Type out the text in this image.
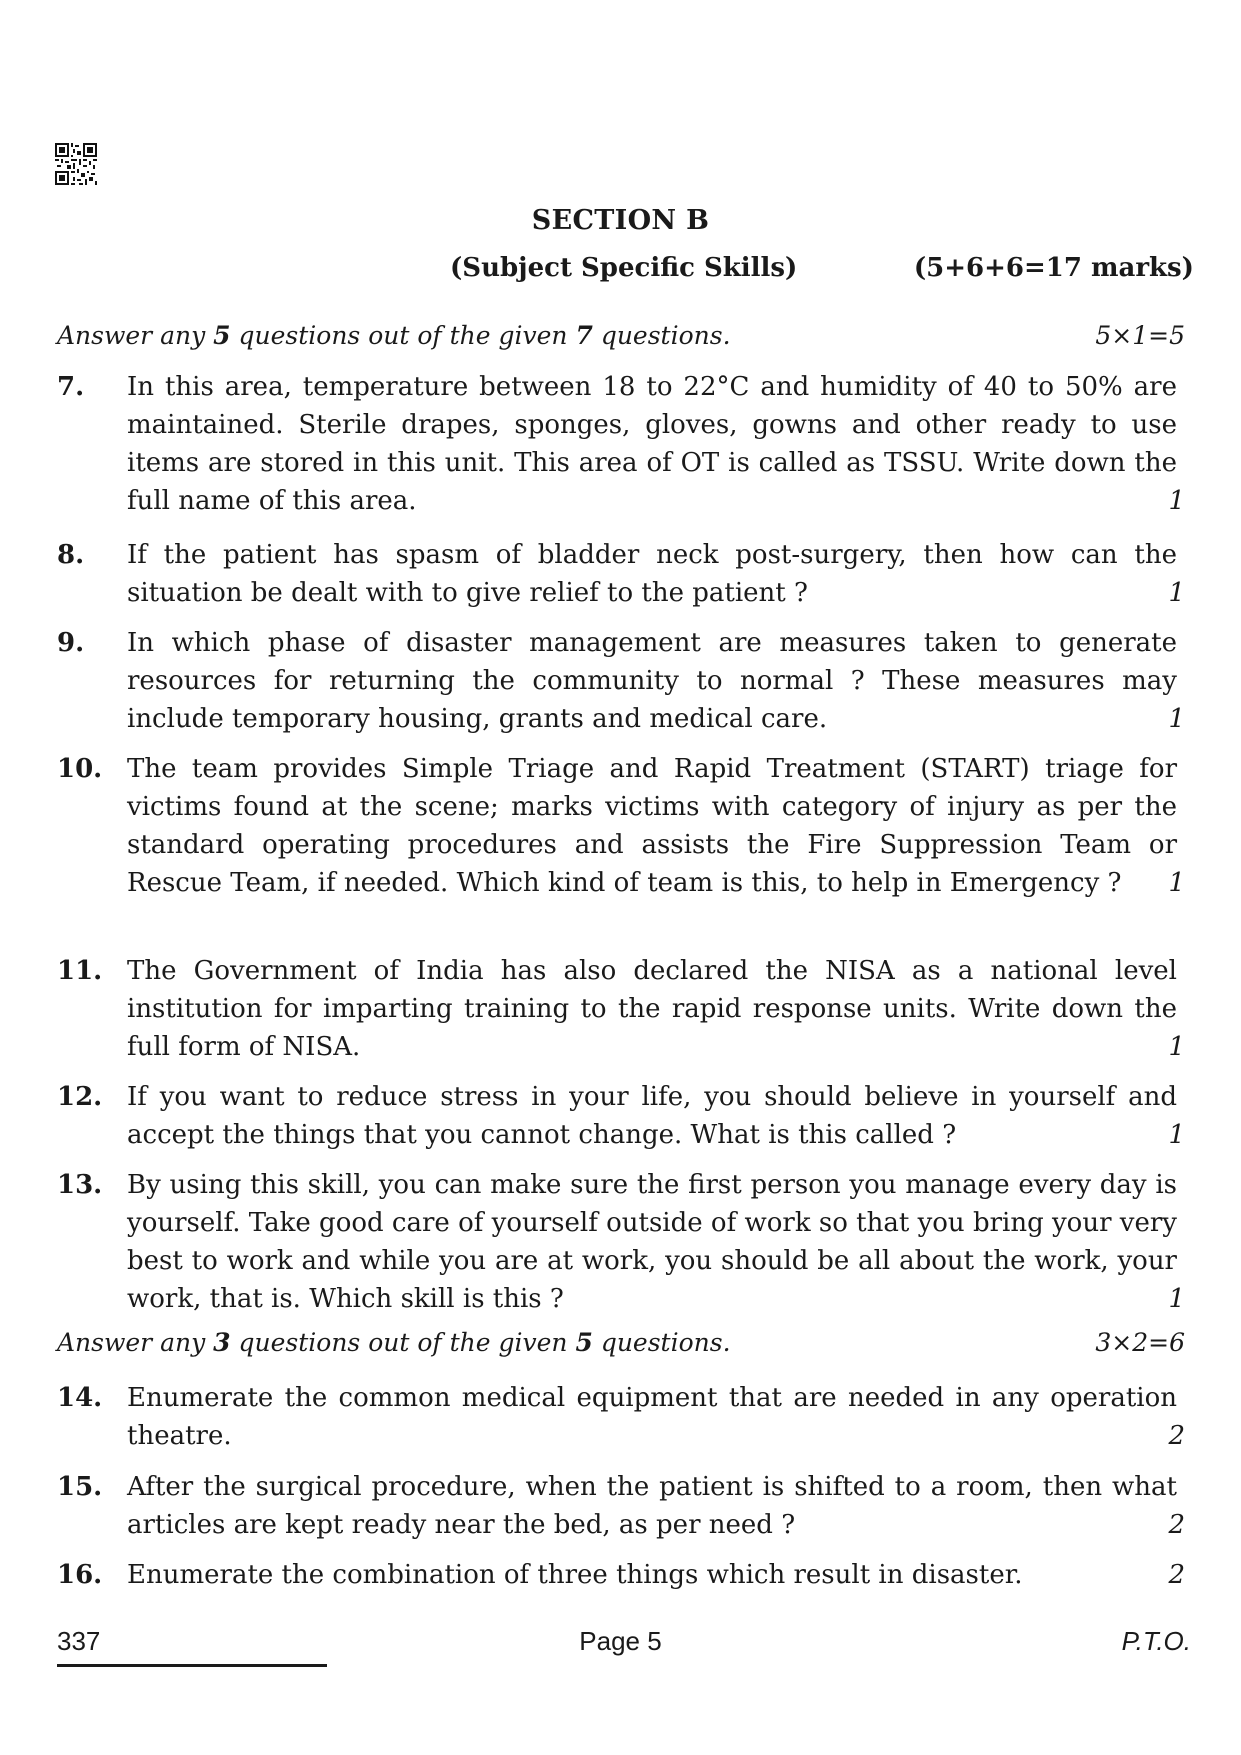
SECTION B
(Subject Specific Skills)	(5+6+6=17 marks)
Answer any 5 questions out of the given 7 questions.	5×1=5
7. In this area, temperature between 18 to 22°C and humidity of 40 to 50% are maintained. Sterile drapes, sponges, gloves, gowns and other ready to use items are stored in this unit. This area of OT is called as TSSU. Write down the full name of this area.	1
8. If the patient has spasm of bladder neck post-surgery, then how can the situation be dealt with to give relief to the patient ?	1
9. In which phase of disaster management are measures taken to generate resources for returning the community to normal ? These measures may include temporary housing, grants and medical care.	1
10. The team provides Simple Triage and Rapid Treatment (START) triage for victims found at the scene; marks victims with category of injury as per the standard operating procedures and assists the Fire Suppression Team or Rescue Team, if needed. Which kind of team is this, to help in Emergency ?	1
11. The Government of India has also declared the NISA as a national level institution for imparting training to the rapid response units. Write down the full form of NISA.	1
12. If you want to reduce stress in your life, you should believe in yourself and accept the things that you cannot change. What is this called ?	1
13. By using this skill, you can make sure the first person you manage every day is yourself. Take good care of yourself outside of work so that you bring your very best to work and while you are at work, you should be all about the work, your work, that is. Which skill is this ?	1
Answer any 3 questions out of the given 5 questions.	3×2=6
14. Enumerate the common medical equipment that are needed in any operation theatre.	2
15. After the surgical procedure, when the patient is shifted to a room, then what articles are kept ready near the bed, as per need ?	2
16. Enumerate the combination of three things which result in disaster.	2
337	Page 5	P.T.O.
